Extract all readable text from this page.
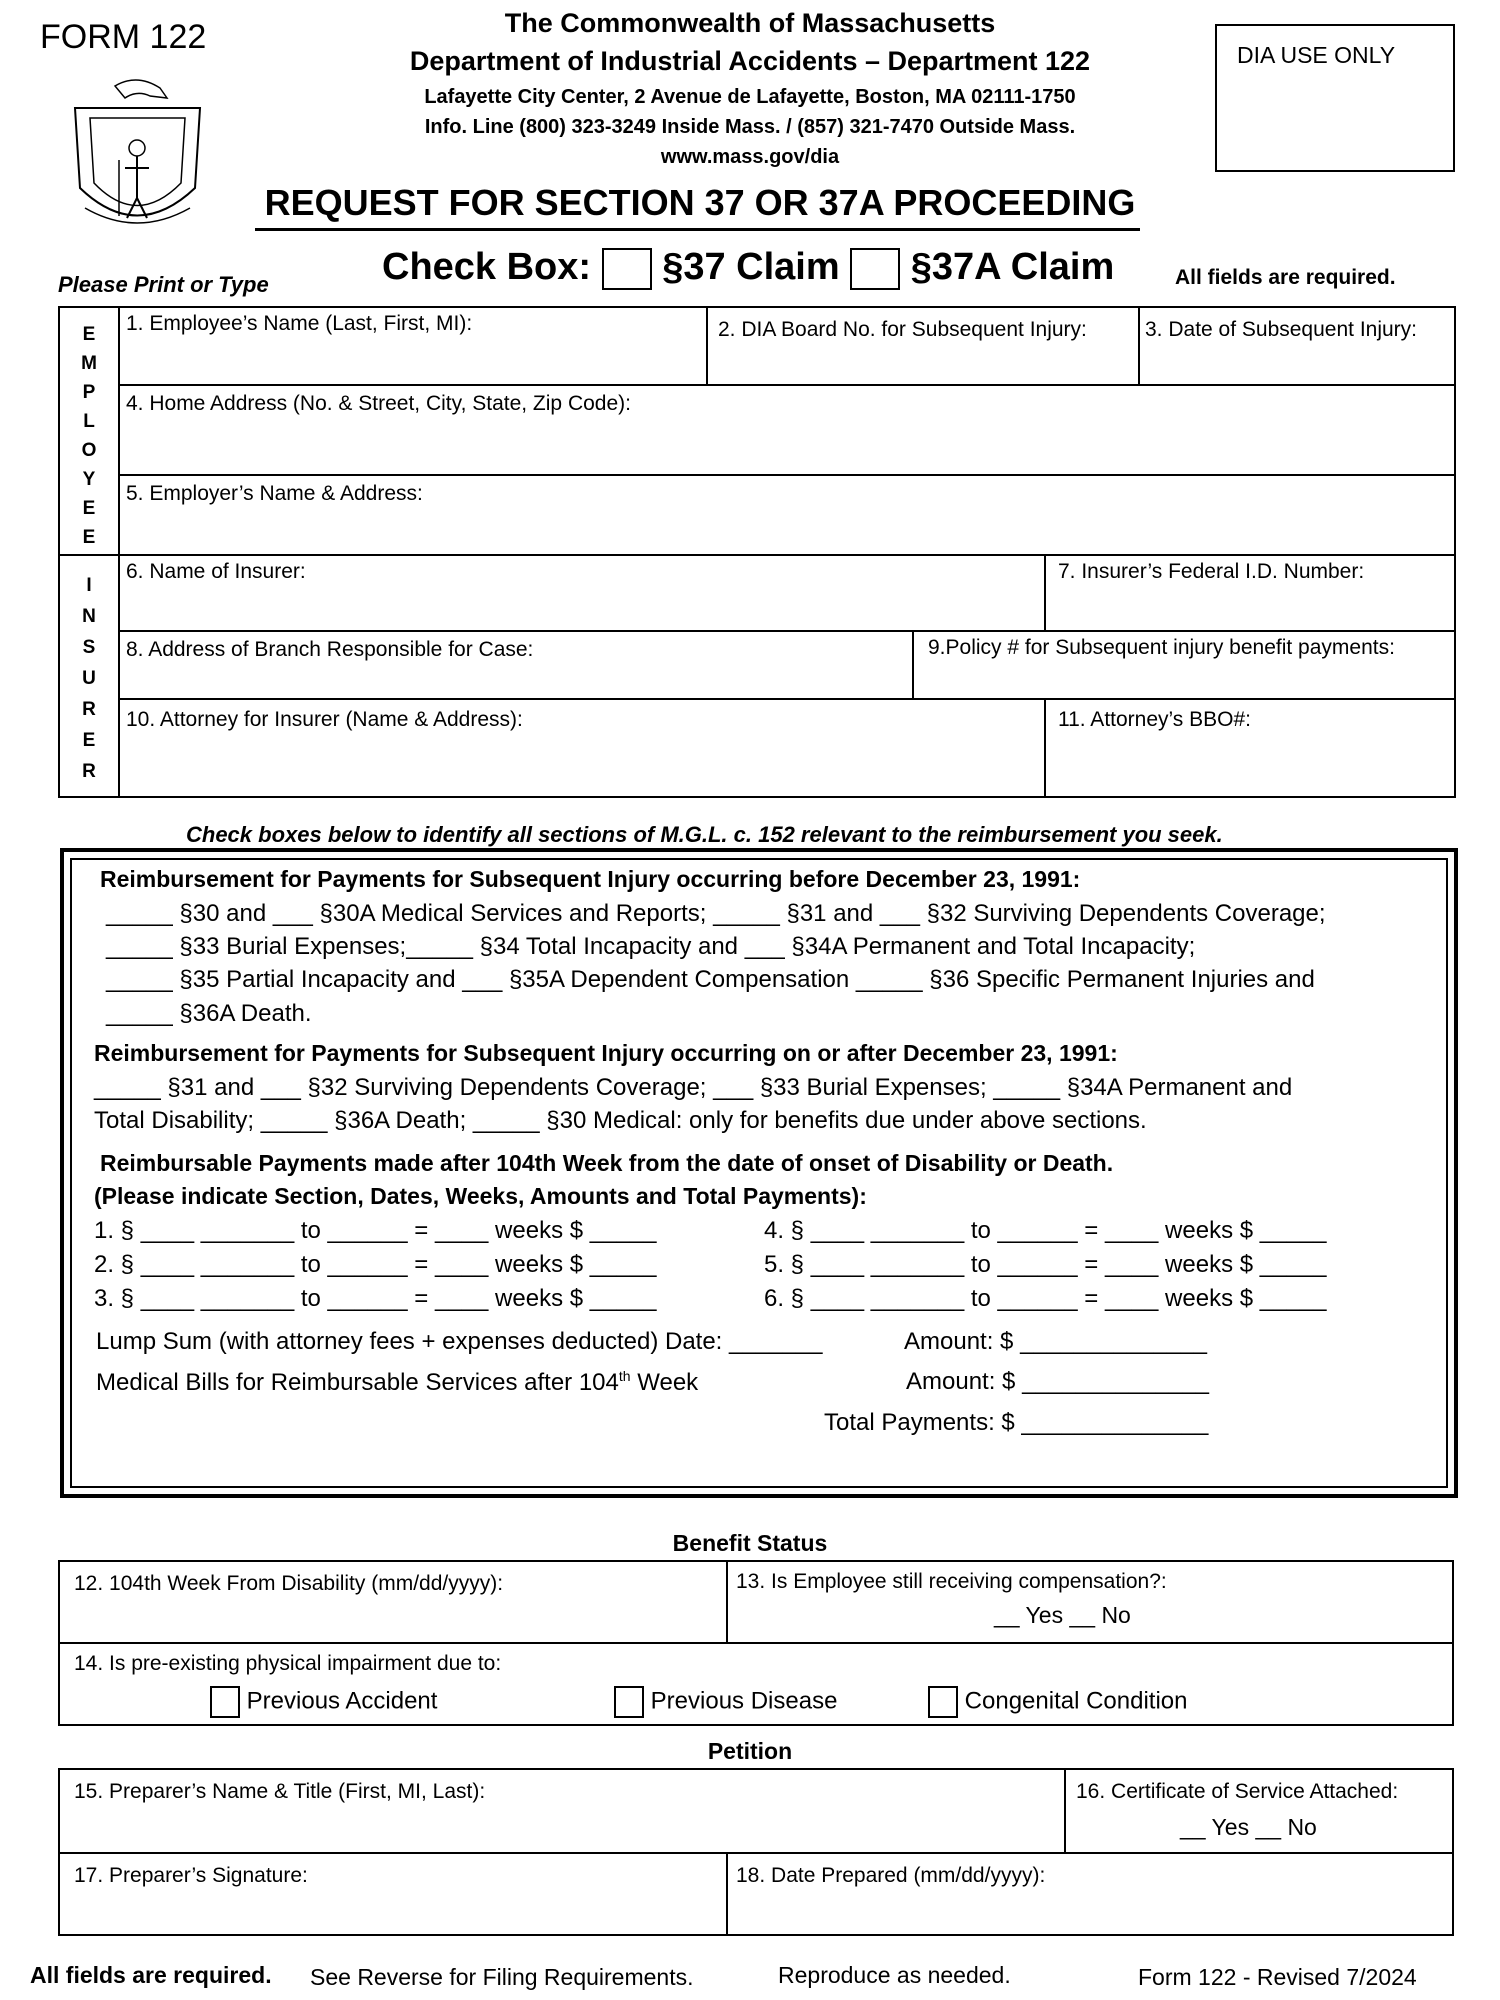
FORM 122	The Commonwealth of Massachusetts
Department of Industrial Accidents – Department 122
Lafayette City Center, 2 Avenue de Lafayette, Boston, MA 02111-1750
Info. Line (800) 323-3249 Inside Mass. / (857) 321-7470 Outside Mass.
www.mass.gov/dia
DIA USE ONLY
REQUEST FOR SECTION 37 OR 37A PROCEEDING
Please Print or Type	Check Box: §37 Claim §37A Claim	All fields are required.
E
M
P
L
O
Y
E
E
I
N
S
U
R
E
R
1. Employee’s Name (Last, First, MI):	2. DIA Board No. for Subsequent Injury:	3. Date of Subsequent Injury:
4. Home Address (No. & Street, City, State, Zip Code):
5. Employer’s Name & Address:
6. Name of Insurer:	7. Insurer’s Federal I.D. Number:
8. Address of Branch Responsible for Case:	9.Policy # for Subsequent injury benefit payments:
10. Attorney for Insurer (Name & Address):	11. Attorney’s BBO#:
Check boxes below to identify all sections of M.G.L. c. 152 relevant to the reimbursement you seek.
Reimbursement for Payments for Subsequent Injury occurring before December 23, 1991:
_____ §30 and ___ §30A Medical Services and Reports; _____ §31 and ___ §32 Surviving Dependents Coverage;
_____ §33 Burial Expenses;_____ §34 Total Incapacity and ___ §34A Permanent and Total Incapacity;
_____ §35 Partial Incapacity and ___ §35A Dependent Compensation _____ §36 Specific Permanent Injuries and
_____ §36A Death.
Reimbursement for Payments for Subsequent Injury occurring on or after December 23, 1991:
_____ §31 and ___ §32 Surviving Dependents Coverage; ___ §33 Burial Expenses; _____ §34A Permanent and
Total Disability; _____ §36A Death; _____ §30 Medical: only for benefits due under above sections.
Reimbursable Payments made after 104th Week from the date of onset of Disability or Death.
(Please indicate Section, Dates, Weeks, Amounts and Total Payments):
1. § ____ _______ to ______ = ____ weeks $ _____
2. § ____ _______ to ______ = ____ weeks $ _____
3. § ____ _______ to ______ = ____ weeks $ _____
4. § ____ _______ to ______ = ____ weeks $ _____
5. § ____ _______ to ______ = ____ weeks $ _____
6. § ____ _______ to ______ = ____ weeks $ _____
Lump Sum (with attorney fees + expenses deducted) Date: _______	Amount: $ ______________
Medical Bills for Reimbursable Services after 104th Week	Amount: $ ______________
Total Payments: $ ______________
Benefit Status
12. 104th Week From Disability (mm/dd/yyyy):	13. Is Employee still receiving compensation?:
__ Yes __ No
14. Is pre-existing physical impairment due to:
Previous Accident	Previous Disease	Congenital Condition
Petition
15. Preparer’s Name & Title (First, MI, Last):	16. Certificate of Service Attached:
__ Yes __ No
17. Preparer’s Signature:	18. Date Prepared (mm/dd/yyyy):
All fields are required. See Reverse for Filing Requirements.	Reproduce as needed.	Form 122 - Revised 7/2024
